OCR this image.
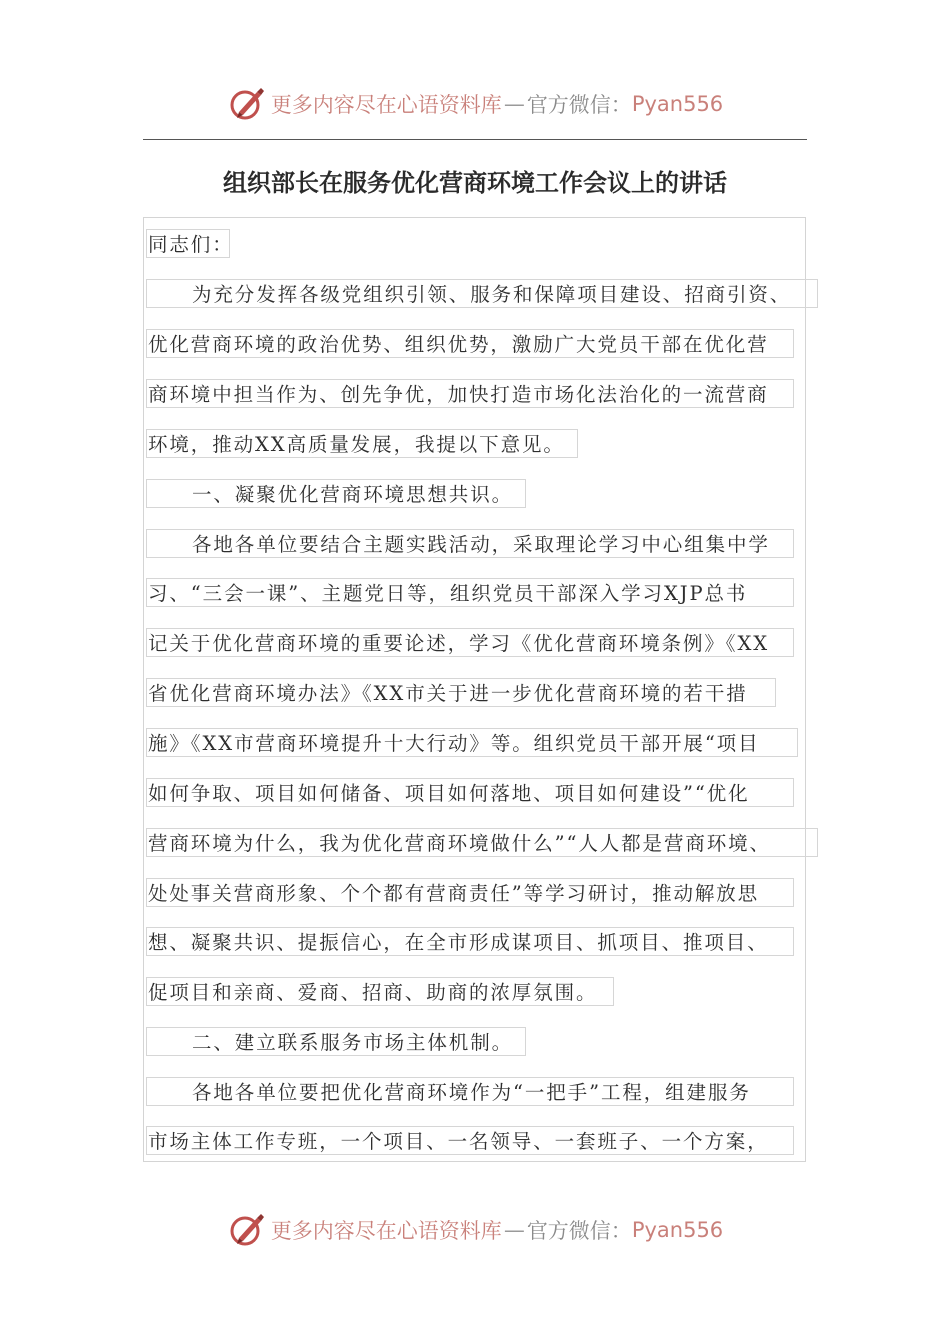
更多内容尽在心语资料库 — 官方微信： Pyan556
组织部长在服务优化营商环境工作会议上的讲话
同志们：
为充分发挥各级党组织引领、服务和保障项目建设、招商引资、
优化营商环境的政治优势、组织优势，激励广大党员干部在优化营
商环境中担当作为、创先争优，加快打造市场化法治化的一流营商
环境，推动XX高质量发展，我提以下意见。
一、凝聚优化营商环境思想共识。
各地各单位要结合主题实践活动，采取理论学习中心组集中学
习、“三会一课”、主题党日等，组织党员干部深入学习XJP总书
记关于优化营商环境的重要论述，学习《优化营商环境条例》《XX
省优化营商环境办法》《XX市关于进一步优化营商环境的若干措
施》《XX市营商环境提升十大行动》等。组织党员干部开展“项目
如何争取、项目如何储备、项目如何落地、项目如何建设”“优化
营商环境为什么，我为优化营商环境做什么”“人人都是营商环境、
处处事关营商形象、个个都有营商责任”等学习研讨，推动解放思
想、凝聚共识、提振信心，在全市形成谋项目、抓项目、推项目、
促项目和亲商、爱商、招商、助商的浓厚氛围。
二、建立联系服务市场主体机制。
各地各单位要把优化营商环境作为“一把手”工程，组建服务
市场主体工作专班，一个项目、一名领导、一套班子、一个方案，
更多内容尽在心语资料库 — 官方微信： Pyan556
